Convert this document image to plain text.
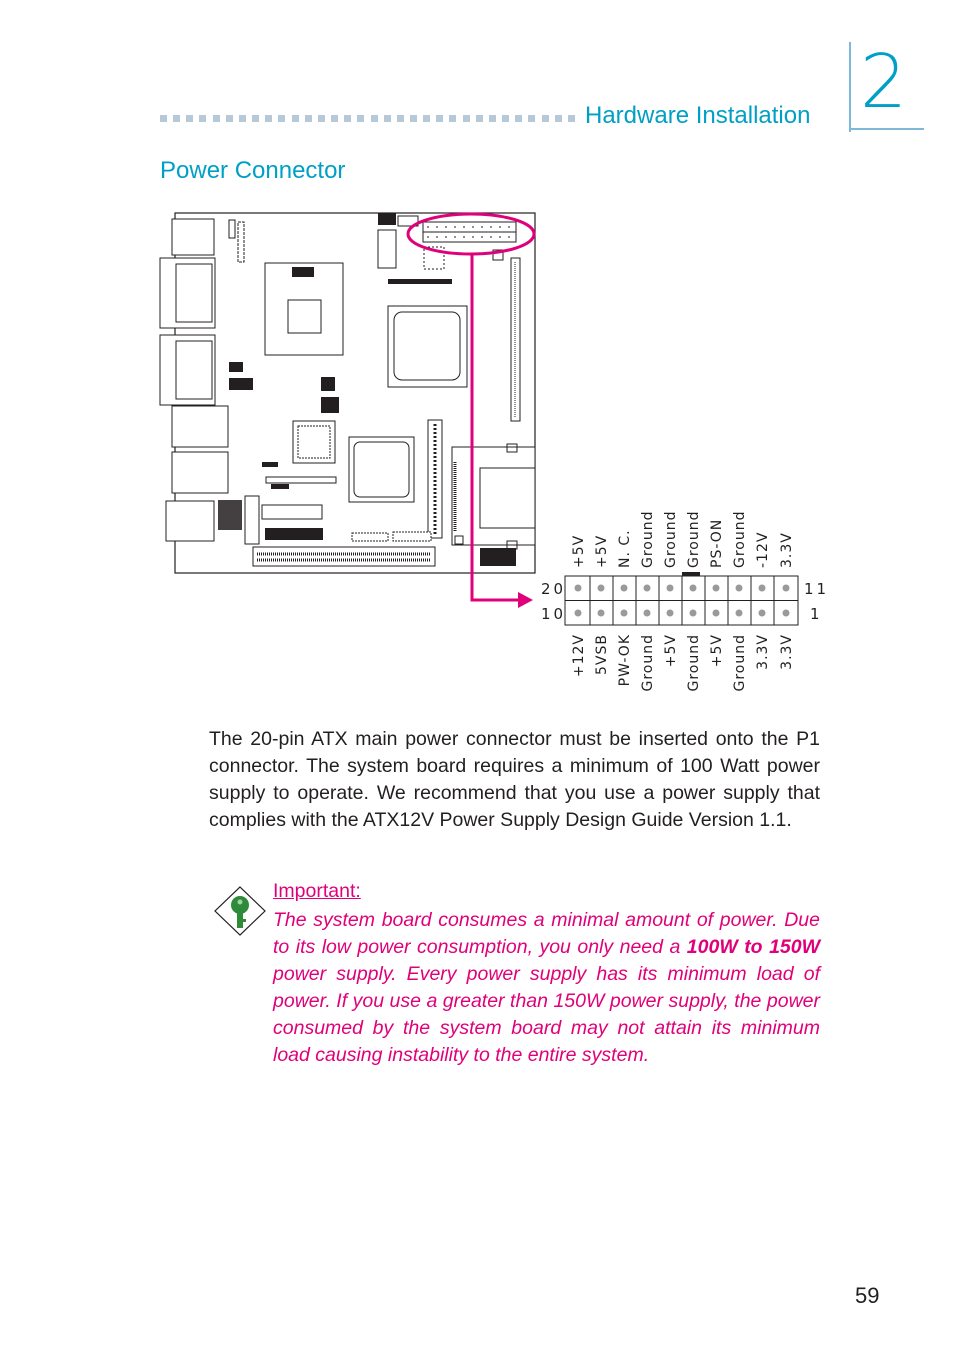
Hardware Installation 2
Power Connector
20
10
11
1
+5V +5V N. C. Ground Ground Ground PS-ON Ground -12V 3.3V
+12V 5VSB PW-OK Ground +5V Ground +5V Ground 3.3V 3.3V
The 20-pin ATX main power connector must be inserted onto the P1 connector. The system board requires a minimum of 100 Watt power supply to operate. We recommend that you use a power supply that complies with the ATX12V Power Supply Design Guide Version 1.1.
Important:
The system board consumes a minimal amount of power. Due to its low power consumption, you only need a 100W to 150W power supply. Every power supply has its minimum load of power. If you use a greater than 150W power supply, the power consumed by the system board may not attain its minimum load causing instability to the entire system.
59
